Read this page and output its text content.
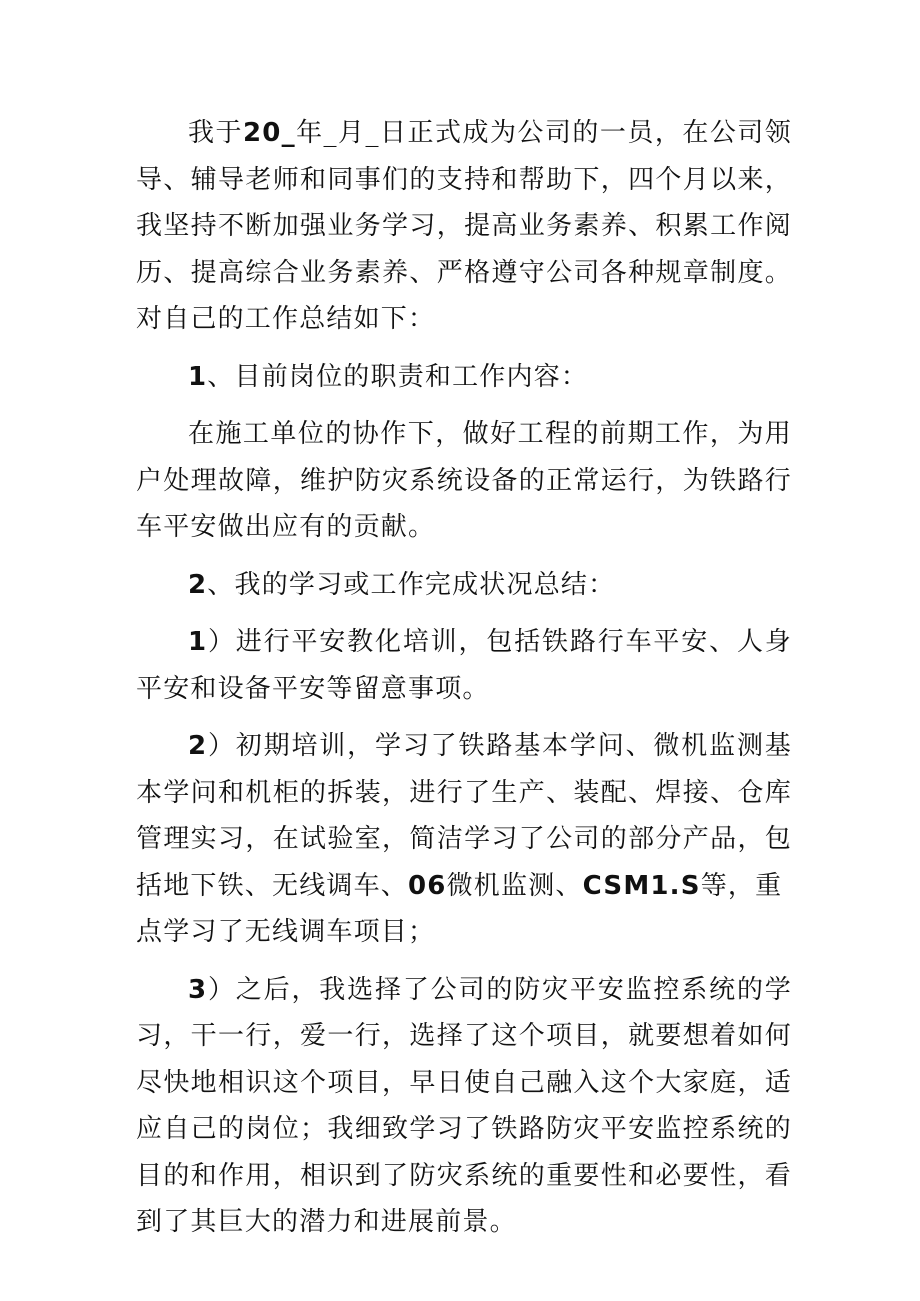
我于20_年_月_日正式成为公司的一员，在公司领导、辅导老师和同事们的支持和帮助下，四个月以来，我坚持不断加强业务学习，提高业务素养、积累工作阅历、提高综合业务素养、严格遵守公司各种规章制度。对自己的工作总结如下：

1、目前岗位的职责和工作内容：

在施工单位的协作下，做好工程的前期工作，为用户处理故障，维护防灾系统设备的正常运行，为铁路行车平安做出应有的贡献。

2、我的学习或工作完成状况总结：

1）进行平安教化培训，包括铁路行车平安、人身平安和设备平安等留意事项。

2）初期培训，学习了铁路基本学问、微机监测基本学问和机柜的拆装，进行了生产、装配、焊接、仓库管理实习，在试验室，简洁学习了公司的部分产品，包括地下铁、无线调车、06微机监测、CSM1.S等，重

点学习了无线调车项目；

3）之后，我选择了公司的防灾平安监控系统的学习，干一行，爱一行，选择了这个项目，就要想着如何尽快地相识这个项目，早日使自己融入这个大家庭，适应自己的岗位；我细致学习了铁路防灾平安监控系统的目的和作用，相识到了防灾系统的重要性和必要性，看到了其巨大的潜力和进展前景。
